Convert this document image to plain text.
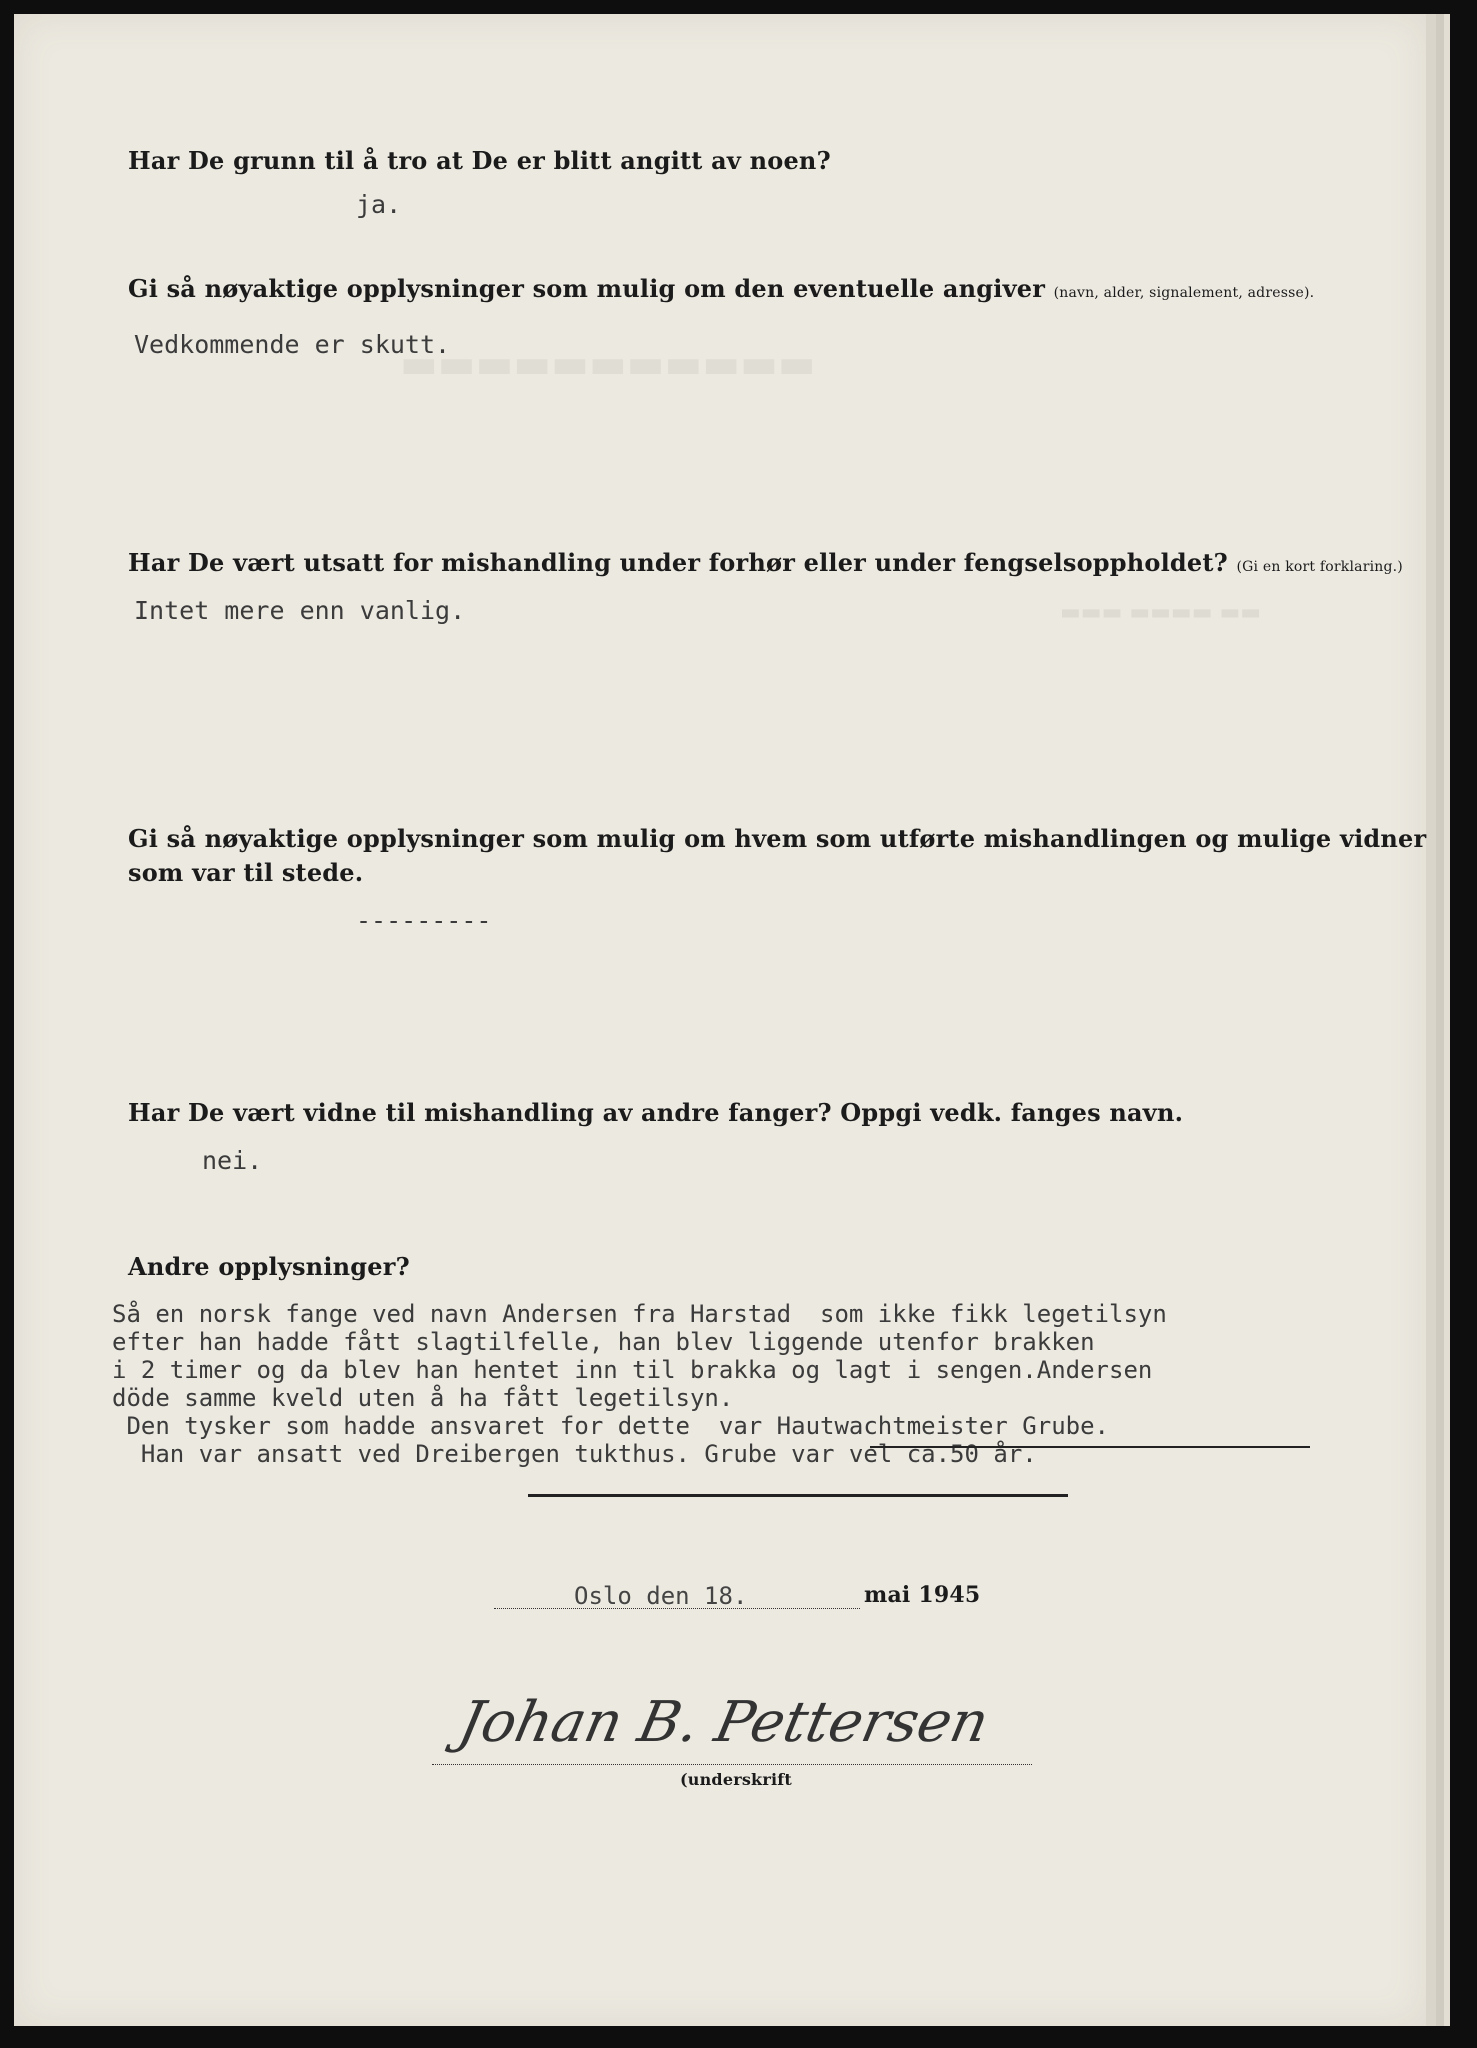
▬▬▬▬▬▬▬▬▬▬▬
▬▬▬ ▬▬▬▬ ▬▬
Har De grunn til å tro at De er blitt angitt av noen?
ja.
Gi så nøyaktige opplysninger som mulig om den eventuelle angiver (navn, alder, signalement, adresse).
Vedkommende er skutt.
Har De vært utsatt for mishandling under forhør eller under fengselsoppholdet? (Gi en kort forklaring.)
Intet mere enn vanlig.
Gi så nøyaktige opplysninger som mulig om hvem som utførte mishandlingen og mulige vidner
som var til stede.
---------
Har De vært vidne til mishandling av andre fanger? Oppgi vedk. fanges navn.
nei.
Andre opplysninger?
Så en norsk fange ved navn Andersen fra Harstad  som ikke fikk legetilsyn
efter han hadde fått slagtilfelle, han blev liggende utenfor brakken
i 2 timer og da blev han hentet inn til brakka og lagt i sengen.Andersen
döde samme kveld uten å ha fått legetilsyn.
Den tysker som hadde ansvaret for dette  var Hautwachtmeister Grube.
Han var ansatt ved Dreibergen tukthus. Grube var vel ca.50 år.
Oslo den 18.	mai 1945
Johan B. Pettersen
(underskrift
